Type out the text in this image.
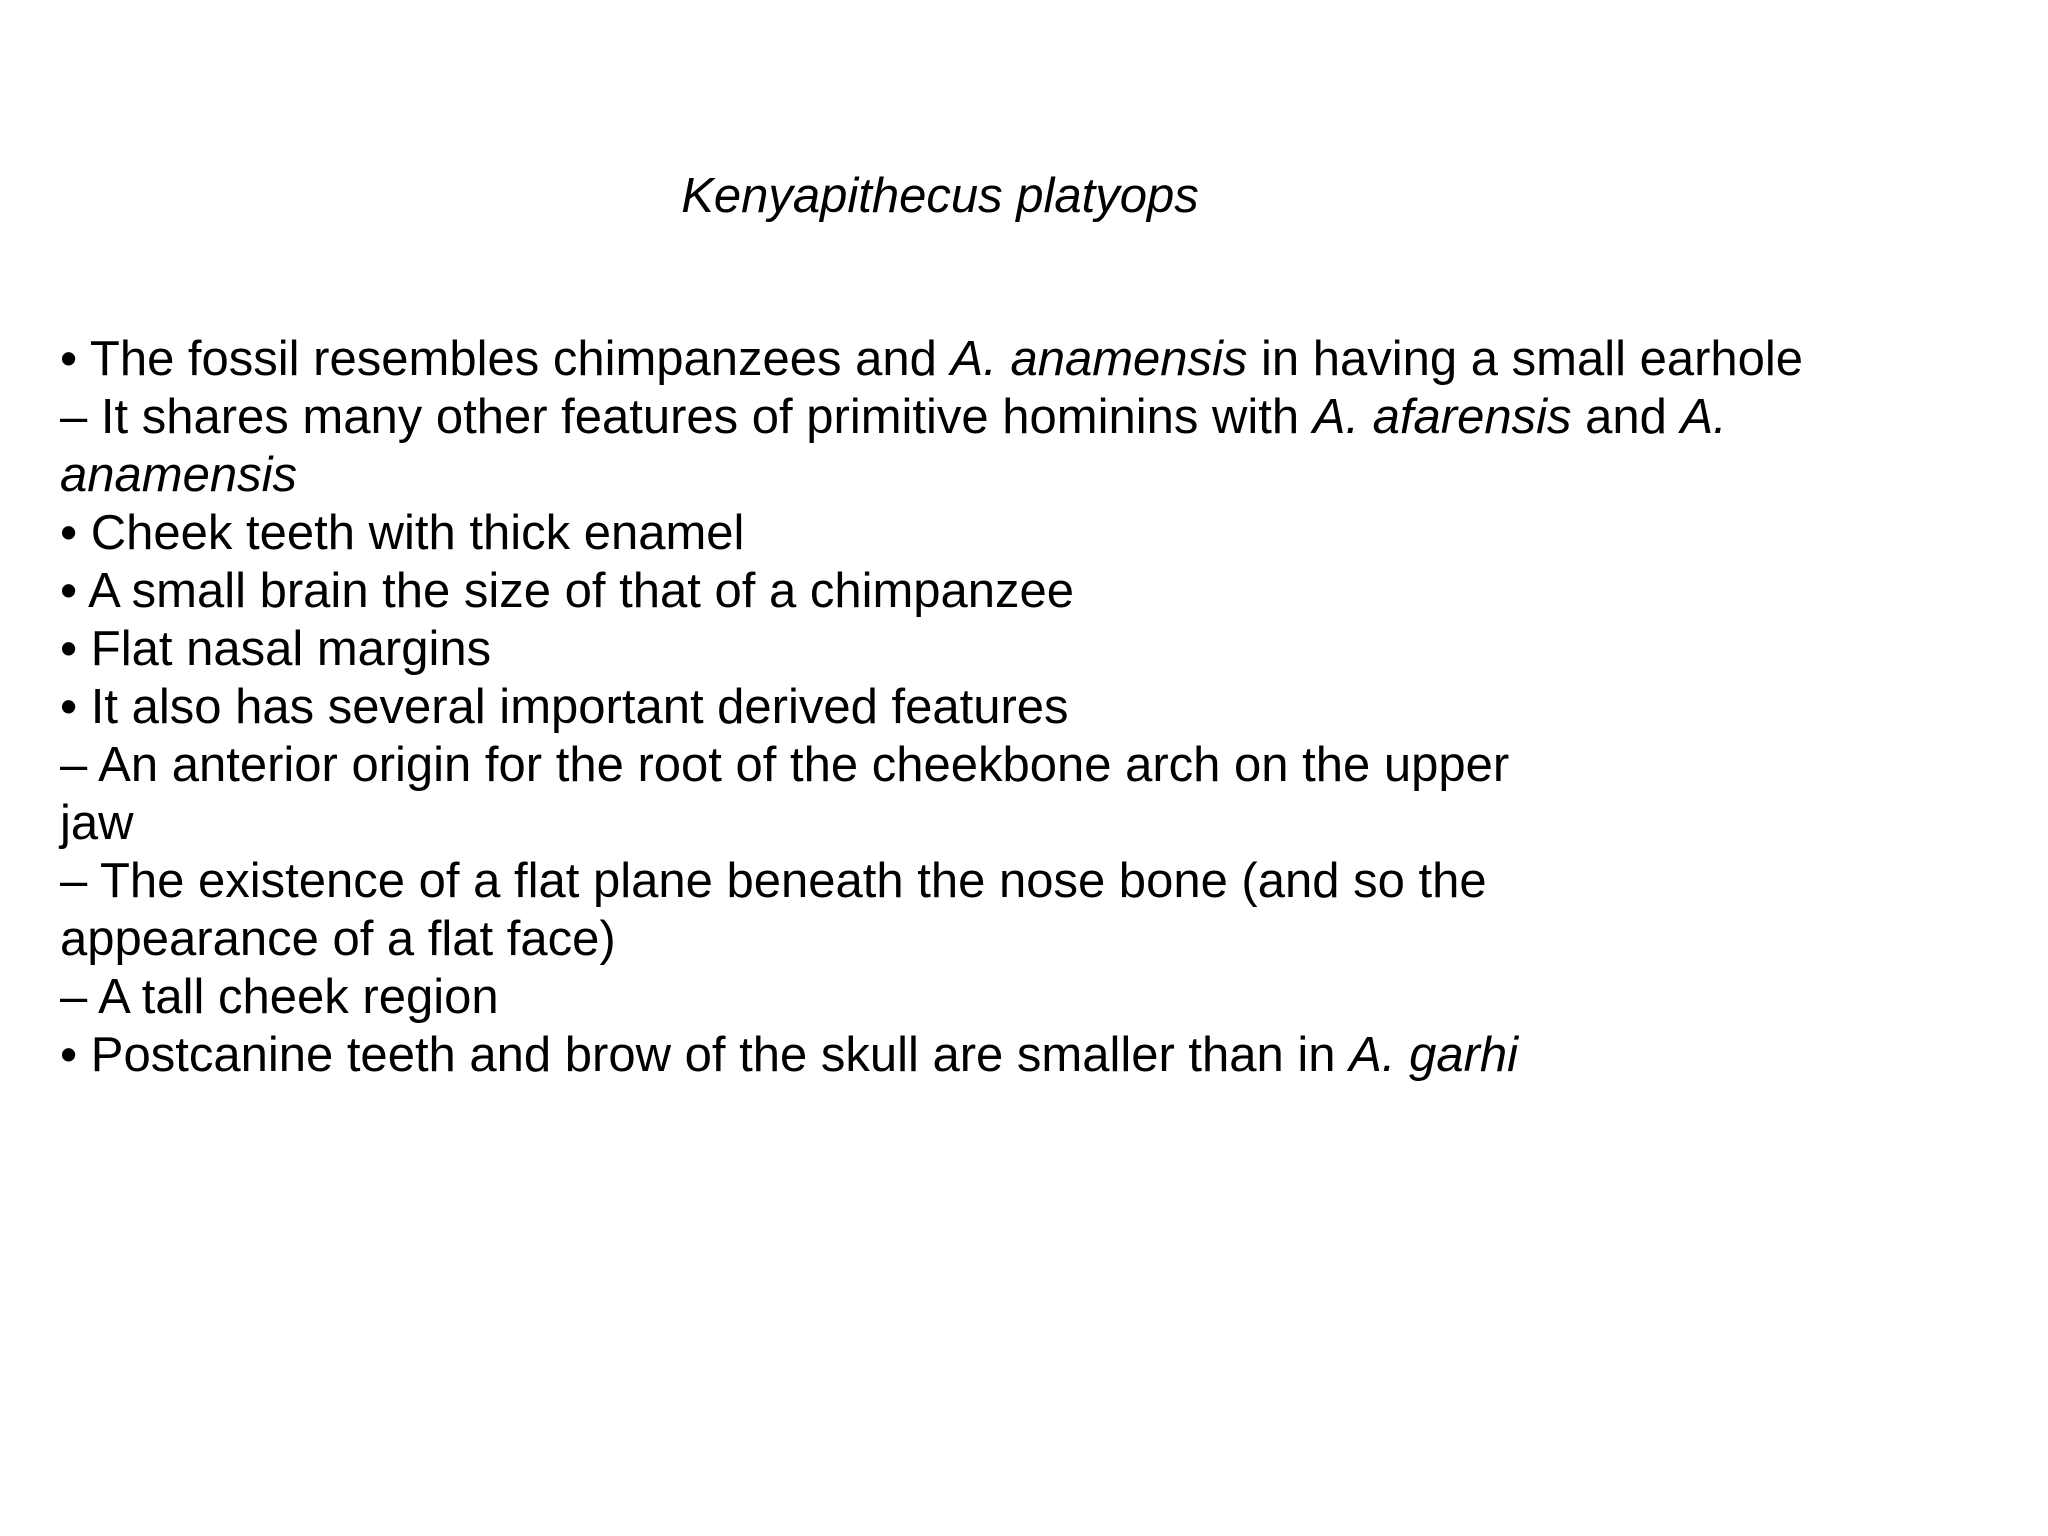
Kenyapithecus platyops
• The fossil resembles chimpanzees and A. anamensis in having a small earhole
– It shares many other features of primitive hominins with A. afarensis and A.
anamensis
• Cheek teeth with thick enamel
• A small brain the size of that of a chimpanzee
• Flat nasal margins
• It also has several important derived features
– An anterior origin for the root of the cheekbone arch on the upper
jaw
– The existence of a flat plane beneath the nose bone (and so the
appearance of a flat face)
– A tall cheek region
• Postcanine teeth and brow of the skull are smaller than in A. garhi
